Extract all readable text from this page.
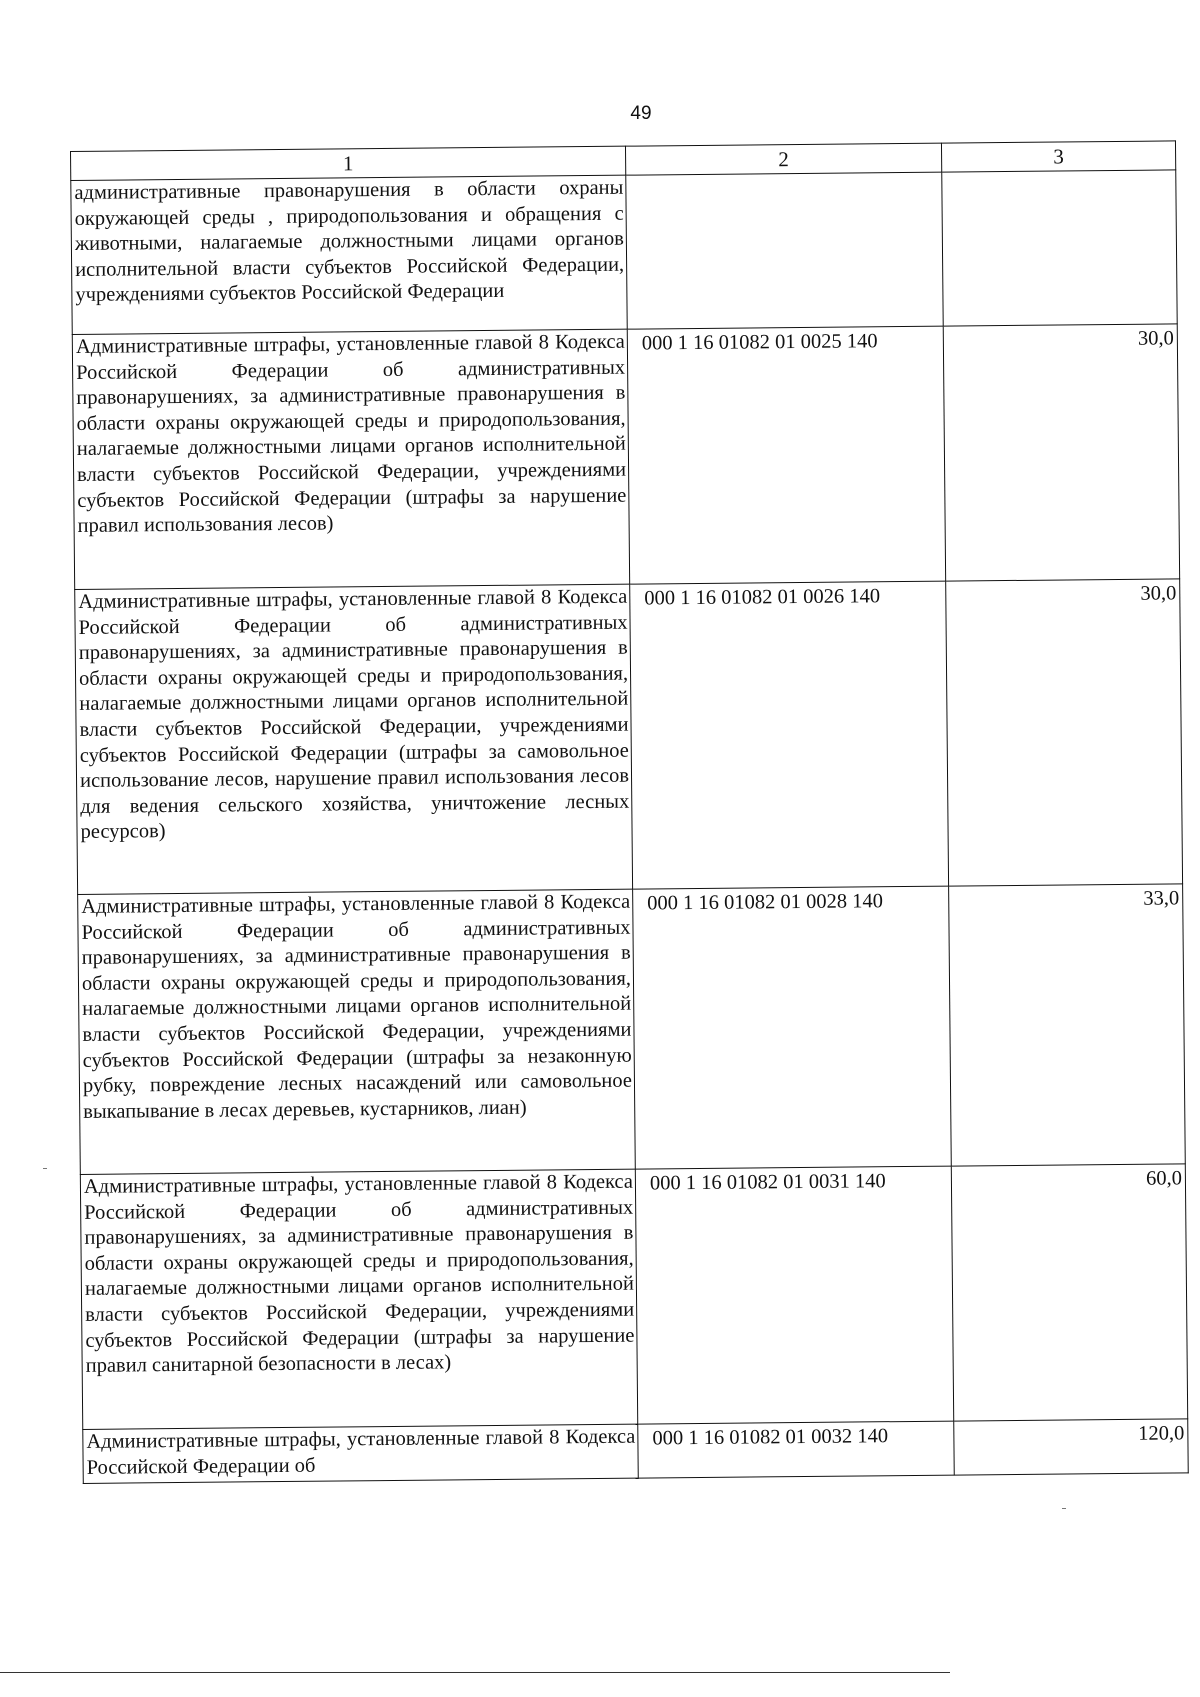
49
1	2	3
административные правонарушения в области охраны окружающей среды , природопользования и обращения с животными, налагаемые должностными лицами органов исполнительной власти субъектов Российской Федерации, учреждениями субъектов Российской Федерации		
Административные штрафы, установленные главой 8 Кодекса Российской Федерации об административных правонарушениях, за административные правонарушения в области охраны окружающей среды и природопользования, налагаемые должностными лицами органов исполнительной власти субъектов Российской Федерации, учреждениями субъектов Российской Федерации (штрафы за нарушение правил использования лесов)	000 1 16 01082 01 0025 140	30,0
Административные штрафы, установленные главой 8 Кодекса Российской Федерации об административных правонарушениях, за административные правонарушения в области охраны окружающей среды и природопользования, налагаемые должностными лицами органов исполнительной власти субъектов Российской Федерации, учреждениями субъектов Российской Федерации (штрафы за самовольное использование лесов, нарушение правил использования лесов для ведения сельского хозяйства, уничтожение лесных ресурсов)	000 1 16 01082 01 0026 140	30,0
Административные штрафы, установленные главой 8 Кодекса Российской Федерации об административных правонарушениях, за административные правонарушения в области охраны окружающей среды и природопользования, налагаемые должностными лицами органов исполнительной власти субъектов Российской Федерации, учреждениями субъектов Российской Федерации (штрафы за незаконную рубку, повреждение лесных насаждений или самовольное выкапывание в лесах деревьев, кустарников, лиан)	000 1 16 01082 01 0028 140	33,0
Административные штрафы, установленные главой 8 Кодекса Российской Федерации об административных правонарушениях, за административные правонарушения в области охраны окружающей среды и природопользования, налагаемые должностными лицами органов исполнительной власти субъектов Российской Федерации, учреждениями субъектов Российской Федерации (штрафы за нарушение правил санитарной безопасности в лесах)	000 1 16 01082 01 0031 140	60,0
Административные штрафы, установленные главой 8 Кодекса Российской Федерации об	000 1 16 01082 01 0032 140	120,0
